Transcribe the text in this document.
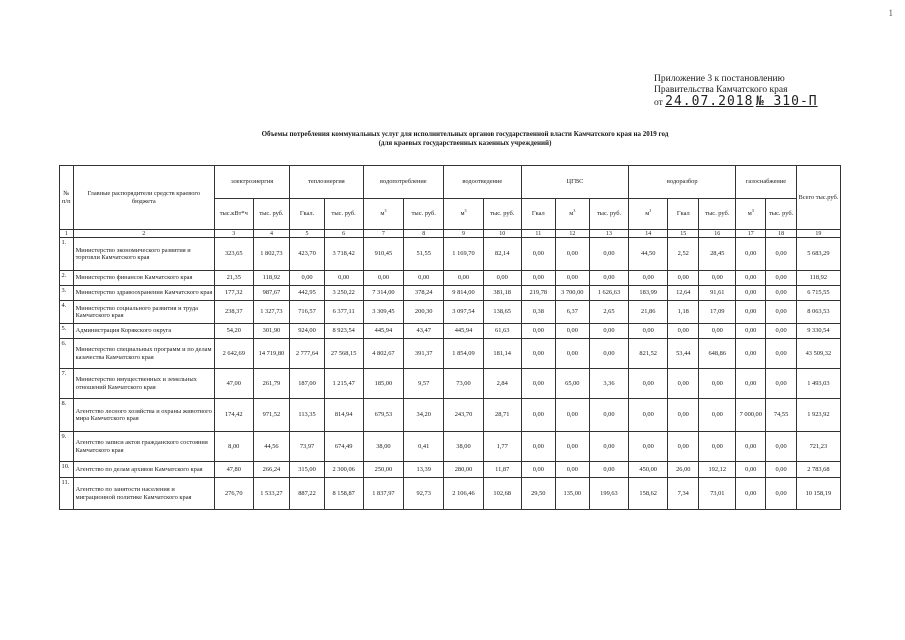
1
Приложение 3 к постановлению
Правительства Камчатского края
от 24.07.2018 № 310-П
Объемы потребления коммунальных услуг для исполнительных органов государственной власти Камчатского края на 2019 год
(для краевых государственных казенных учреждений)
№ п/п	Главные распорядители средств краевого бюджета	электроэнергия		теплоэнергия		водопотребление		водоотведение		ЦГВС			водоразбор			газоснабжение		Всего тыс.руб.
		тыс.кВт*ч	тыс. руб.	Гкал.	тыс. руб.	$м^3$	тыс. руб.	$м^3$	тыс. руб.	Гкал	$м^3$	тыс. руб.	$м^3$	Гкал	тыс. руб.	$м^3$	тыс. руб.	
1	2	3	4	5	6	7	8	9	10	11	12	13	14	15	16	17	18	19
1.	Министерство экономического развития и торговли Камчатского края	323,65	1 802,73	423,70	3 718,42	910,45	51,55	1 169,70	82,14	0,00	0,00	0,00	44,50	2,52	28,45	0,00	0,00	5 683,29
2.	Министерство финансов Камчатского края	21,35	118,92	0,00	0,00	0,00	0,00	0,00	0,00	0,00	0,00	0,00	0,00	0,00	0,00	0,00	0,00	118,92
3.	Министерство здравоохранения Камчатского края	177,32	987,67	442,95	3 250,22	7 314,00	378,24	9 814,00	381,18	219,78	3 700,00	1 626,63	183,99	12,64	91,61	0,00	0,00	6 715,55
4.	Министерство социального развития и труда Камчатского края	238,37	1 327,73	716,57	6 377,11	3 309,45	200,30	3 097,54	138,65	0,38	6,37	2,65	21,86	1,18	17,09	0,00	0,00	8 063,53
5.	Администрация Корякского округа	54,20	301,90	924,00	8 923,54	445,94	43,47	445,94	61,63	0,00	0,00	0,00	0,00	0,00	0,00	0,00	0,00	9 330,54
6.	Министерство специальных программ и по делам казачества Камчатского края	2 642,69	14 719,80	2 777,64	27 568,15	4 802,67	391,37	1 854,09	181,14	0,00	0,00	0,00	821,52	53,44	648,86	0,00	0,00	43 509,32
7.	Министерство имущественных и земельных отношений Камчатского края	47,00	261,79	187,00	1 215,47	185,00	9,57	73,00	2,84	0,00	65,00	3,36	0,00	0,00	0,00	0,00	0,00	1 493,03
8.	Агентство лесного хозяйства и охраны животного мира Камчатского края	174,42	971,52	113,35	814,94	679,53	34,20	243,70	28,71	0,00	0,00	0,00	0,00	0,00	0,00	7 000,00	74,55	1 923,92
9.	Агентство записи актов гражданского состояния Камчатского края	8,00	44,56	73,97	674,49	38,00	0,41	38,00	1,77	0,00	0,00	0,00	0,00	0,00	0,00	0,00	0,00	721,23
10.	Агентство по делам архивов Камчатского края	47,80	266,24	315,00	2 300,06	250,00	13,39	280,00	11,87	0,00	0,00	0,00	450,00	26,00	192,12	0,00	0,00	2 783,68
11.	Агентство по занятости населения и миграционной политике Камчатского края	276,70	1 533,27	887,22	8 158,87	1 837,97	92,73	2 106,46	102,68	29,50	135,00	199,63	158,62	7,34	73,01	0,00	0,00	10 158,19
